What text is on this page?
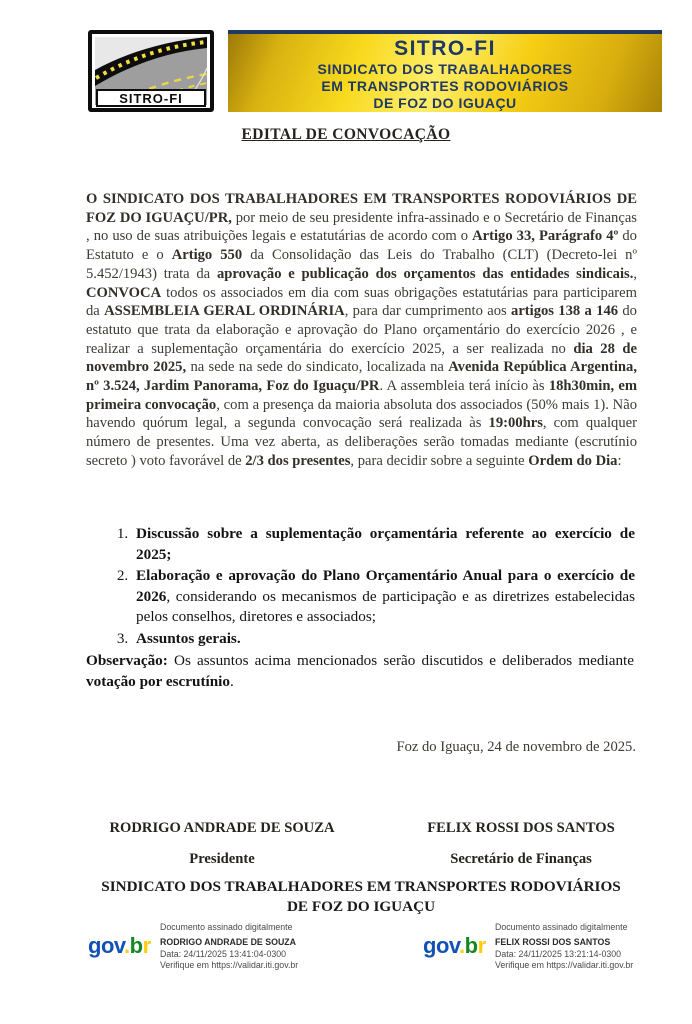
SITRO-FI
SITRO-FI
SINDICATO DOS TRABALHADORES
EM TRANSPORTES RODOVIÁRIOS
DE FOZ DO IGUAÇU
EDITAL DE CONVOCAÇÃO
O SINDICATO DOS TRABALHADORES EM TRANSPORTES RODOVIÁRIOS DE FOZ DO IGUAÇU/PR, por meio de seu presidente infra-assinado e o Secretário de Finanças , no uso de suas atribuições legais e estatutárias de acordo com o Artigo 33, Parágrafo 4º do Estatuto e o Artigo 550 da Consolidação das Leis do Trabalho (CLT) (Decreto-lei nº 5.452/1943) trata da aprovação e publicação dos orçamentos das entidades sindicais., CONVOCA todos os associados em dia com suas obrigações estatutárias para participarem da ASSEMBLEIA GERAL ORDINÁRIA, para dar cumprimento aos artigos 138 a 146 do estatuto que trata da elaboração e aprovação do Plano orçamentário do exercício 2026 , e realizar a suplementação orçamentária do exercício 2025, a ser realizada no dia 28 de novembro 2025, na sede na sede do sindicato, localizada na Avenida República Argentina, nº 3.524, Jardim Panorama, Foz do Iguaçu/PR. A assembleia terá início às 18h30min, em primeira convocação, com a presença da maioria absoluta dos associados (50% mais 1). Não havendo quórum legal, a segunda convocação será realizada às 19:00hrs, com qualquer número de presentes. Uma vez aberta, as deliberações serão tomadas mediante (escrutínio secreto ) voto favorável de 2/3 dos presentes, para decidir sobre a seguinte Ordem do Dia:
1. Discussão sobre a suplementação orçamentária referente ao exercício de 2025;
2. Elaboração e aprovação do Plano Orçamentário Anual para o exercício de 2026, considerando os mecanismos de participação e as diretrizes estabelecidas pelos conselhos, diretores e associados;
3. Assuntos gerais.
Observação: Os assuntos acima mencionados serão discutidos e deliberados mediante votação por escrutínio.
Foz do Iguaçu, 24 de novembro de 2025.
RODRIGO ANDRADE DE SOUZA
Presidente
FELIX ROSSI DOS SANTOS
Secretário de Finanças
SINDICATO DOS TRABALHADORES EM TRANSPORTES RODOVIÁRIOS
DE FOZ DO IGUAÇU
gov.br
Documento assinado digitalmente
RODRIGO ANDRADE DE SOUZA
Data: 24/11/2025 13:41:04-0300
Verifique em https://validar.iti.gov.br
gov.br
Documento assinado digitalmente
FELIX ROSSI DOS SANTOS
Data: 24/11/2025 13:21:14-0300
Verifique em https://validar.iti.gov.br
